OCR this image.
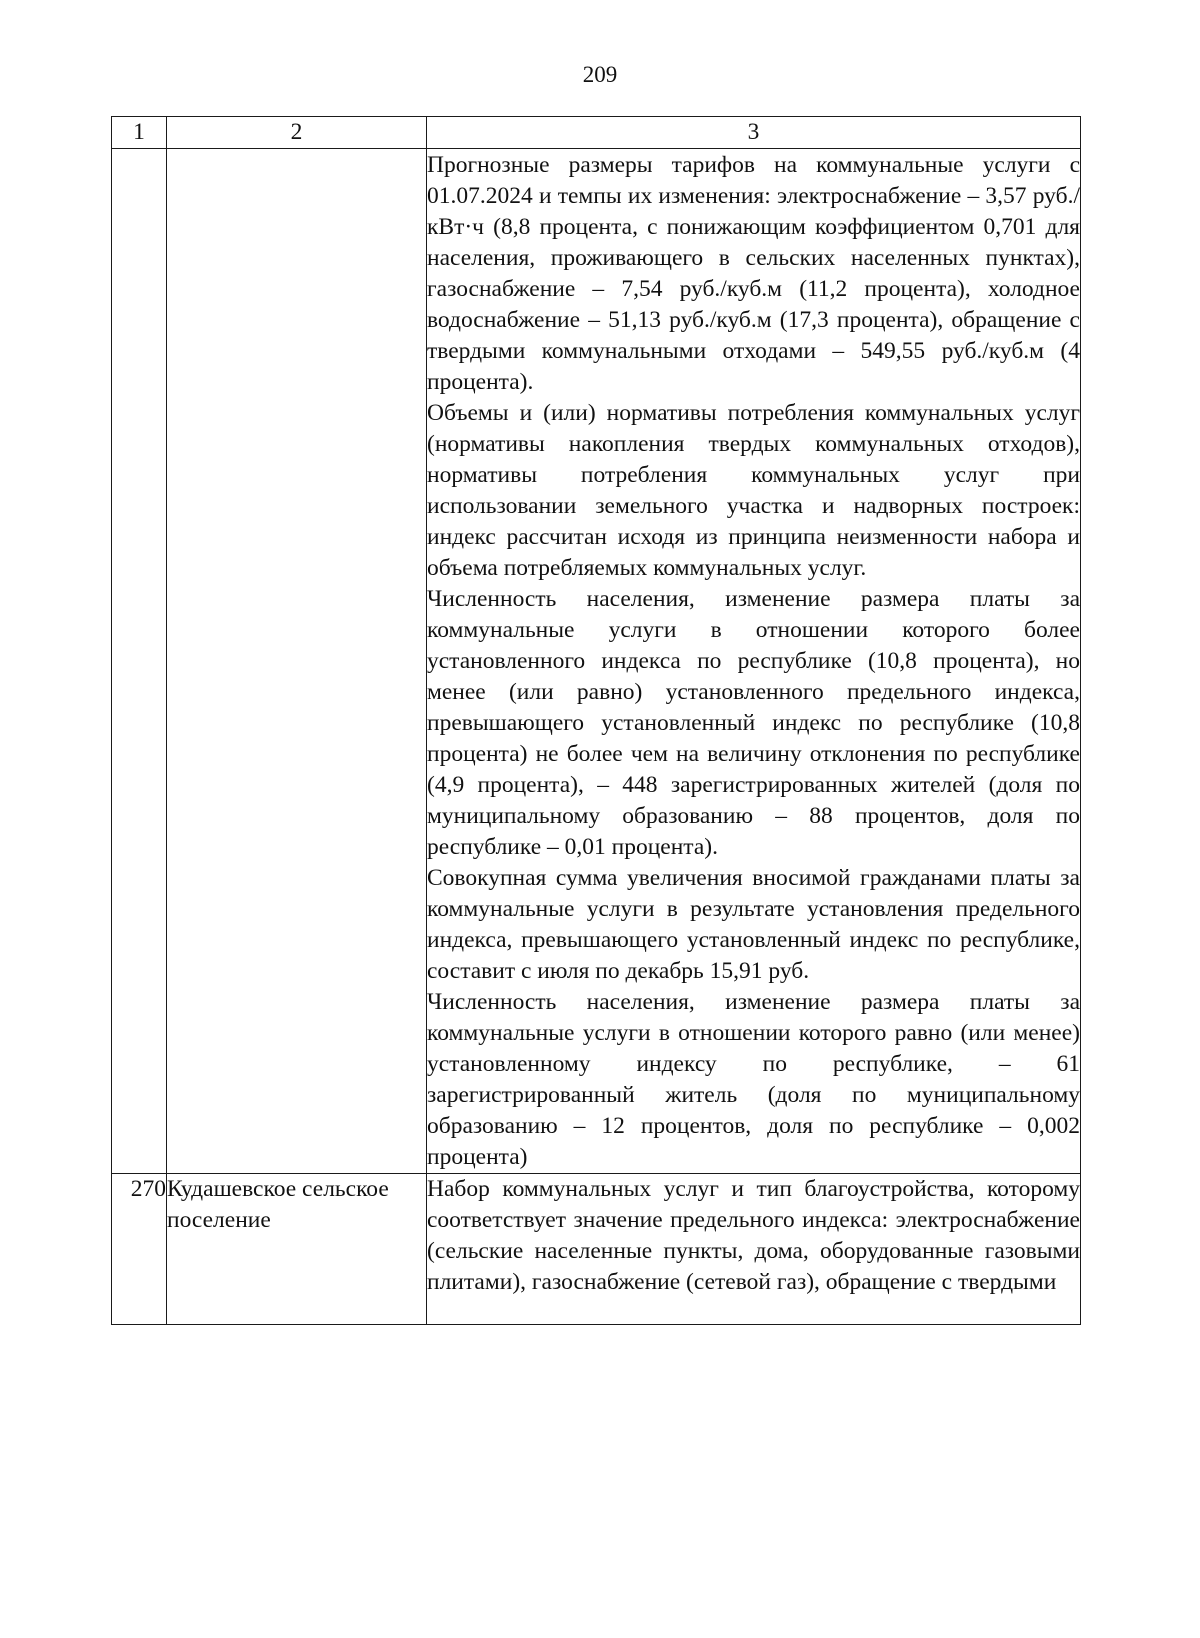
209
1	2	3

		Прогнозные размеры тарифов на коммунальные услуги с 01.07.2024 и темпы их изменения: электроснабжение – 3,57 руб./кВт·ч (8,8 процента, с понижающим коэффициентом 0,701 для населения, проживающего в сельских населенных пунктах), газоснабжение – 7,54 руб./куб.м (11,2 процента), холодное водоснабжение – 51,13 руб./куб.м (17,3 процента), обращение с твердыми коммунальными отходами – 549,55 руб./куб.м (4 процента).

Объемы и (или) нормативы потребления коммунальных услуг (нормативы накопления твердых коммунальных отходов), нормативы потребления коммунальных услуг при использовании земельного участка и надворных построек: индекс рассчитан исходя из принципа неизменности набора и объема потребляемых коммунальных услуг.

Численность населения, изменение размера платы за коммунальные услуги в отношении которого более установленного индекса по республике (10,8 процента), но менее (или равно) установленного предельного индекса, превышающего установленный индекс по республике (10,8 процента) не более чем на величину отклонения по республике (4,9 процента), – 448 зарегистрированных жителей (доля по муниципальному образованию – 88 процентов, доля по республике – 0,01 процента).

Совокупная сумма увеличения вносимой гражданами платы за коммунальные услуги в результате установления предельного индекса, превышающего установленный индекс по республике, составит с июля по декабрь 15,91 руб.

Численность населения, изменение размера платы за коммунальные услуги в отношении которого равно (или менее) установленному индексу по республике, – 61 зарегистрированный житель (доля по муниципальному образованию – 12 процентов, доля по республике – 0,002 процента)

270	Кудашевское сельское поселение	Набор коммунальных услуг и тип благоустройства, которому соответствует значение предельного индекса: электроснабжение (сельские населенные пункты, дома, оборудованные газовыми плитами), газоснабжение (сетевой газ), обращение с твердыми
